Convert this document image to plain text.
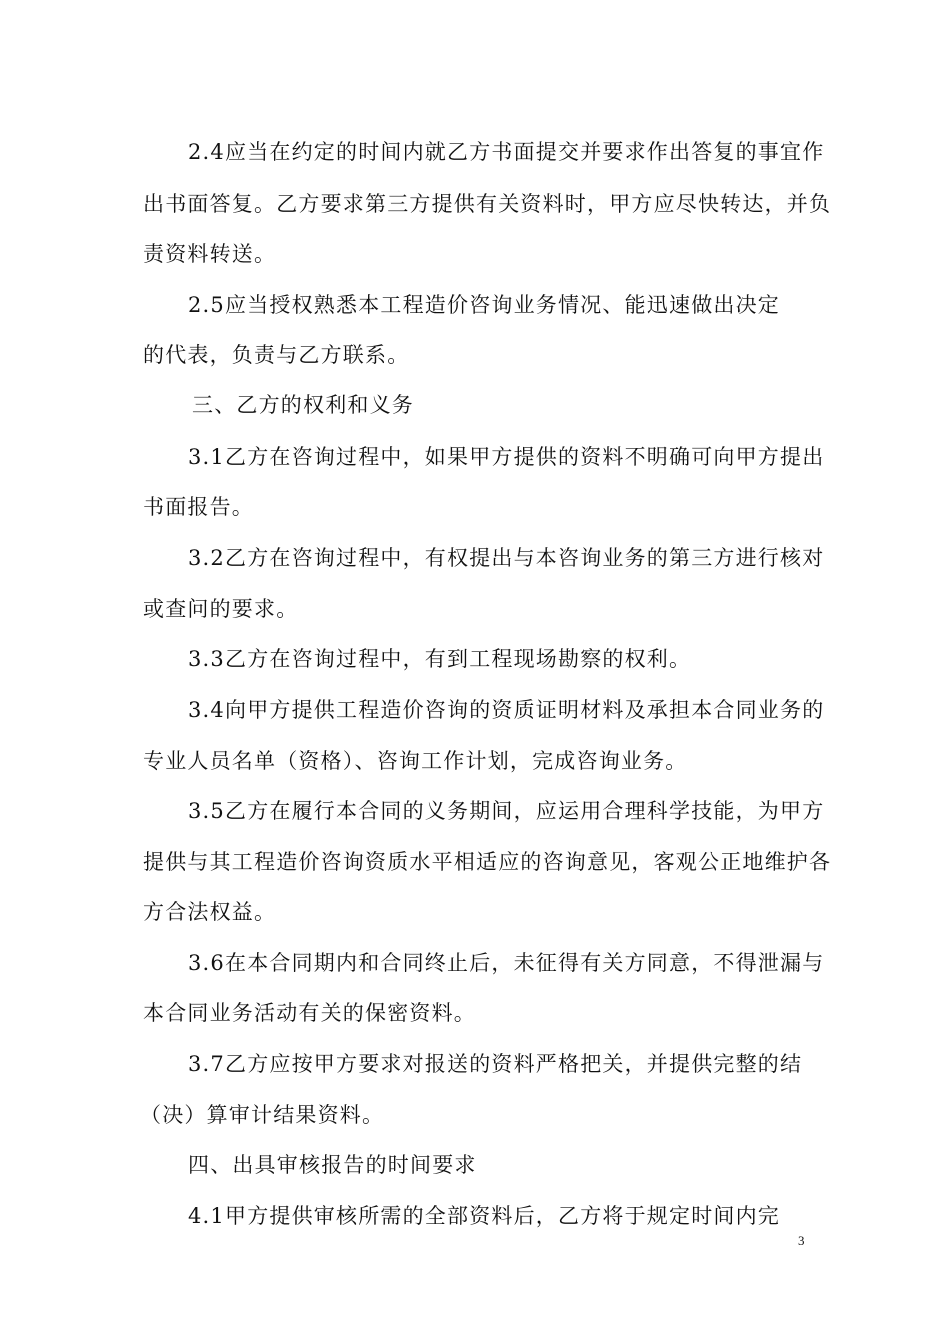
2.4应当在约定的时间内就乙方书面提交并要求作出答复的事宜作
出书面答复。乙方要求第三方提供有关资料时，甲方应尽快转达，并负
责资料转送。
2.5应当授权熟悉本工程造价咨询业务情况、能迅速做出决定
的代表，负责与乙方联系。
三、乙方的权利和义务
3.1乙方在咨询过程中，如果甲方提供的资料不明确可向甲方提出
书面报告。
3.2乙方在咨询过程中，有权提出与本咨询业务的第三方进行核对
或查问的要求。
3.3乙方在咨询过程中，有到工程现场勘察的权利。
3.4向甲方提供工程造价咨询的资质证明材料及承担本合同业务的
专业人员名单（资格）、咨询工作计划，完成咨询业务。
3.5乙方在履行本合同的义务期间，应运用合理科学技能，为甲方
提供与其工程造价咨询资质水平相适应的咨询意见，客观公正地维护各
方合法权益。
3.6在本合同期内和合同终止后，未征得有关方同意，不得泄漏与
本合同业务活动有关的保密资料。
3.7乙方应按甲方要求对报送的资料严格把关，并提供完整的结
（决）算审计结果资料。
四、出具审核报告的时间要求
4.1甲方提供审核所需的全部资料后，乙方将于规定时间内完
3
